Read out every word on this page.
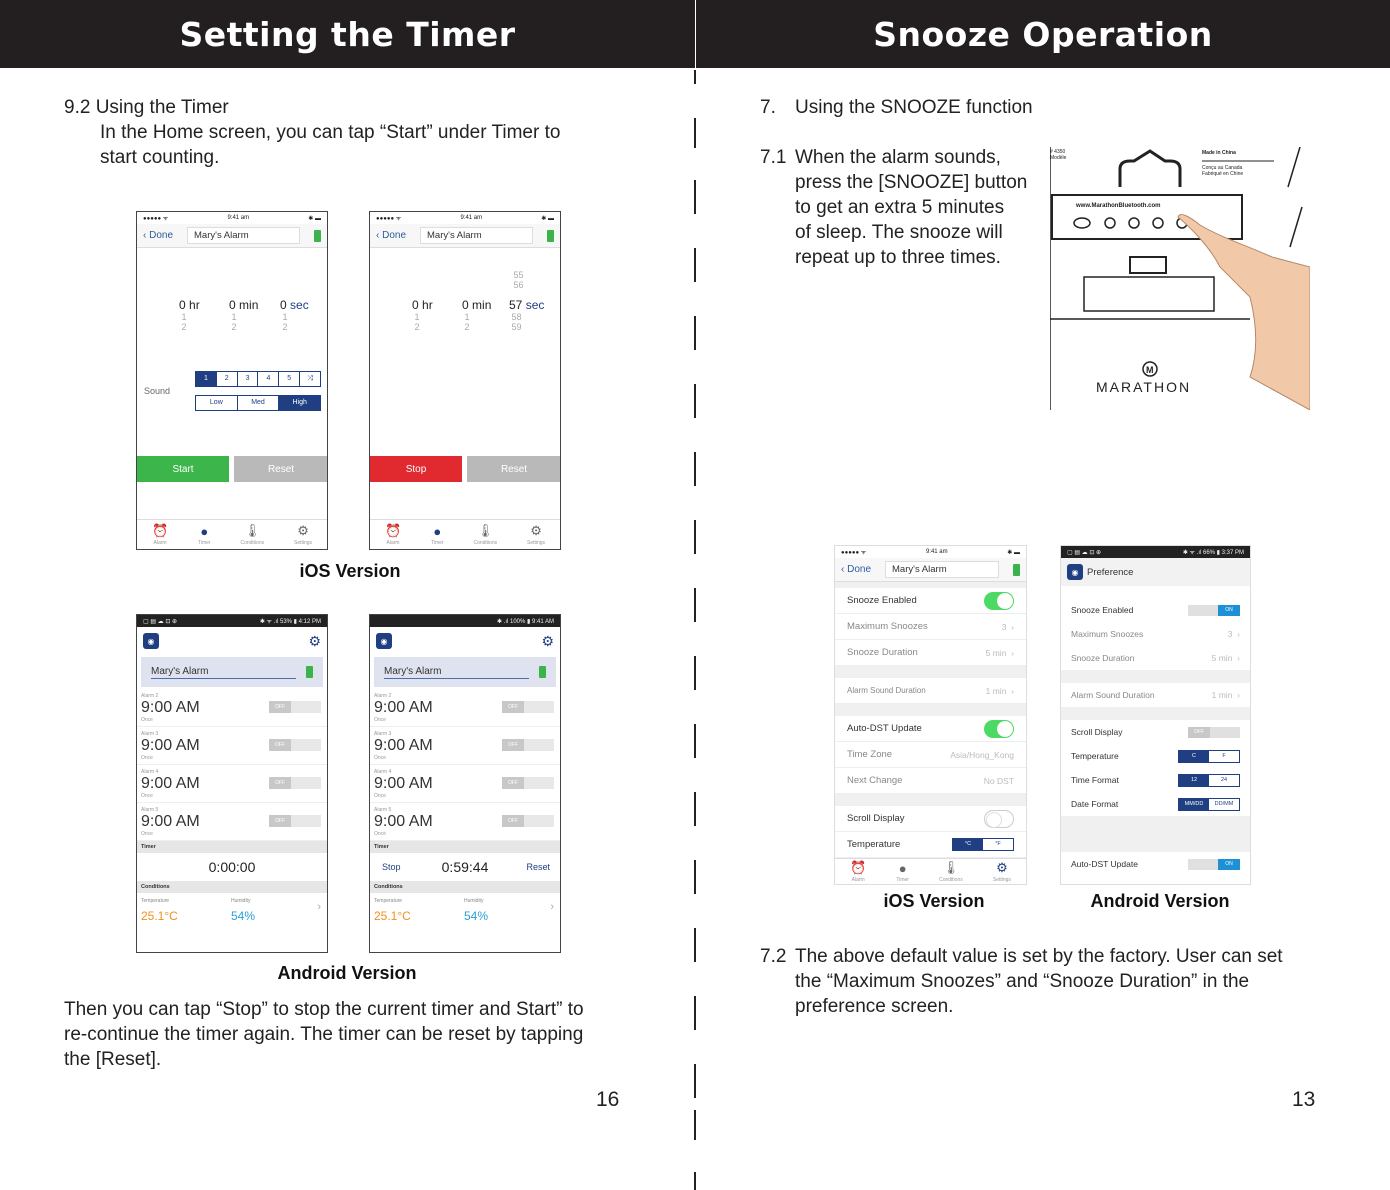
Setting the Timer	Snooze Operation
9.2 Using the Timer
In the Home screen, you can tap “Start” under Timer to
start counting.
●●●●● ᯤ	9:41 am	✱ ▬
‹ Done	Mary's Alarm
0 hr
1
2
0 min
1
2
0 sec
1
2
Sound
1	2	3	4	5	⤨
Low	Med	High
Start	Reset
⏰
Alarm
●
Timer
🌡
Conditions
⚙
Settings
●●●●● ᯤ	9:41 am	✱ ▬
‹ Done	Mary's Alarm
55
56
0 hr
1
2
0 min
1
2
57 sec
58
59
Stop	Reset
⏰
Alarm
●
Timer
🌡
Conditions
⚙
Settings
iOS Version
▢ ▤ ☁ ⊡ ⊕	✱ ᯤ .ıl 53% ▮ 4:12 PM
◉	⚙
Mary's Alarm
Alarm 2
9:00 AM
Once
OFF
Alarm 3
9:00 AM
Once
OFF
Alarm 4
9:00 AM
Once
OFF
Alarm 5
9:00 AM
Once
OFF
Timer
0:00:00
Conditions
Temperature	Humidity
25.1°C	54%
›
✱ .ıl 100% ▮ 9:41 AM
◉	⚙
Mary's Alarm
Alarm 2
9:00 AM
Once
OFF
Alarm 3
9:00 AM
Once
OFF
Alarm 4
9:00 AM
Once
OFF
Alarm 5
9:00 AM
Once
OFF
Timer
Stop	0:59:44	Reset
Conditions
Temperature	Humidity
25.1°C	54%
›
Android Version
Then you can tap “Stop” to stop the current timer and Start” to
re-continue the timer again. The timer can be reset by tapping
the [Reset].
16
7. Using the SNOOZE function
7.1 When the alarm sounds,
press the [SNOOZE] button
to get an extra 5 minutes
of sleep. The snooze will
repeat up to three times.
# 4350
Modèle
Made in China
Conçu au Canada
Fabriqué en Chine
www.MarathonBluetooth.com
M
MARATHON
●●●●● ᯤ	9:41 am	✱ ▬
‹ Done	Mary's Alarm
Snooze Enabled
Maximum Snoozes	3  ›
Snooze Duration	5 min  ›
Alarm Sound Duration	1 min  ›
Auto-DST Update
Time Zone	Asia/Hong_Kong
Next Change	No DST
Scroll Display
Temperature	°C	°F
⏰
Alarm
●
Timer
🌡
Conditions
⚙
Settings
▢ ▤ ☁ ⊡ ⊕	✱ ᯤ .ıl 66% ▮ 3:37 PM
◉ Preference
Snooze Enabled	ON
Maximum Snoozes	3  ›
Snooze Duration	5 min  ›
Alarm Sound Duration	1 min  ›
Scroll Display	OFF
Temperature	C	F
Time Format	12	24
Date Format	MM/DD	DD/MM
Auto-DST Update	ON
iOS Version	Android Version
7.2 The above default value is set by the factory. User can set
the “Maximum Snoozes” and “Snooze Duration” in the
preference screen.
13
